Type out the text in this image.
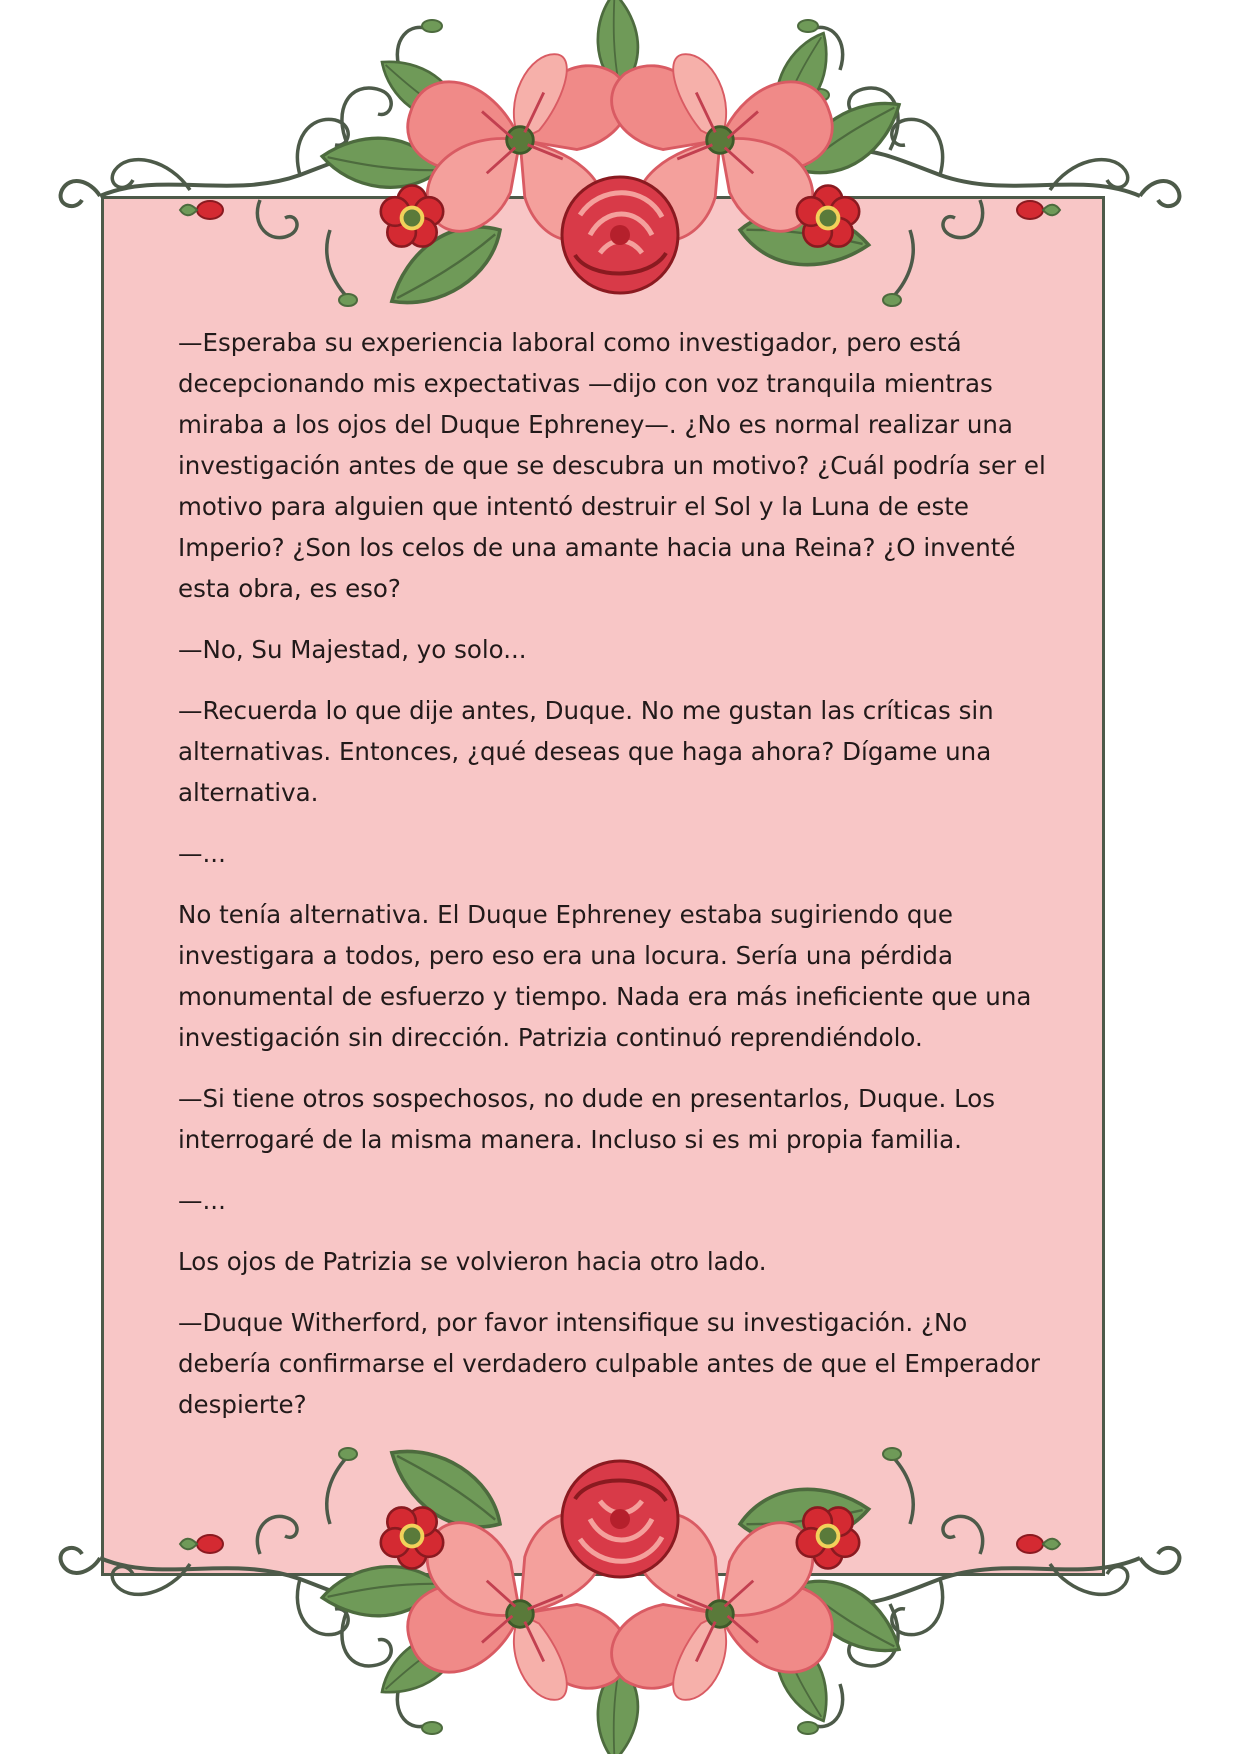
—Esperaba su experiencia laboral como investigador, pero está decepcionando mis expectativas —dijo con voz tranquila mientras miraba a los ojos del Duque Ephreney—. ¿No es normal realizar una investigación antes de que se descubra un motivo? ¿Cuál podría ser el motivo para alguien que intentó destruir el Sol y la Luna de este Imperio? ¿Son los celos de una amante hacia una Reina? ¿O inventé esta obra, es eso?

—No, Su Majestad, yo solo...

—Recuerda lo que dije antes, Duque. No me gustan las críticas sin alternativas. Entonces, ¿qué deseas que haga ahora? Dígame una alternativa.

—...

No tenía alternativa. El Duque Ephreney estaba sugiriendo que investigara a todos, pero eso era una locura. Sería una pérdida monumental de esfuerzo y tiempo. Nada era más ineficiente que una investigación sin dirección. Patrizia continuó reprendiéndolo.

—Si tiene otros sospechosos, no dude en presentarlos, Duque. Los interrogaré de la misma manera. Incluso si es mi propia familia.

—...

Los ojos de Patrizia se volvieron hacia otro lado.

—Duque Witherford, por favor intensifique su investigación. ¿No debería confirmarse el verdadero culpable antes de que el Emperador despierte?
